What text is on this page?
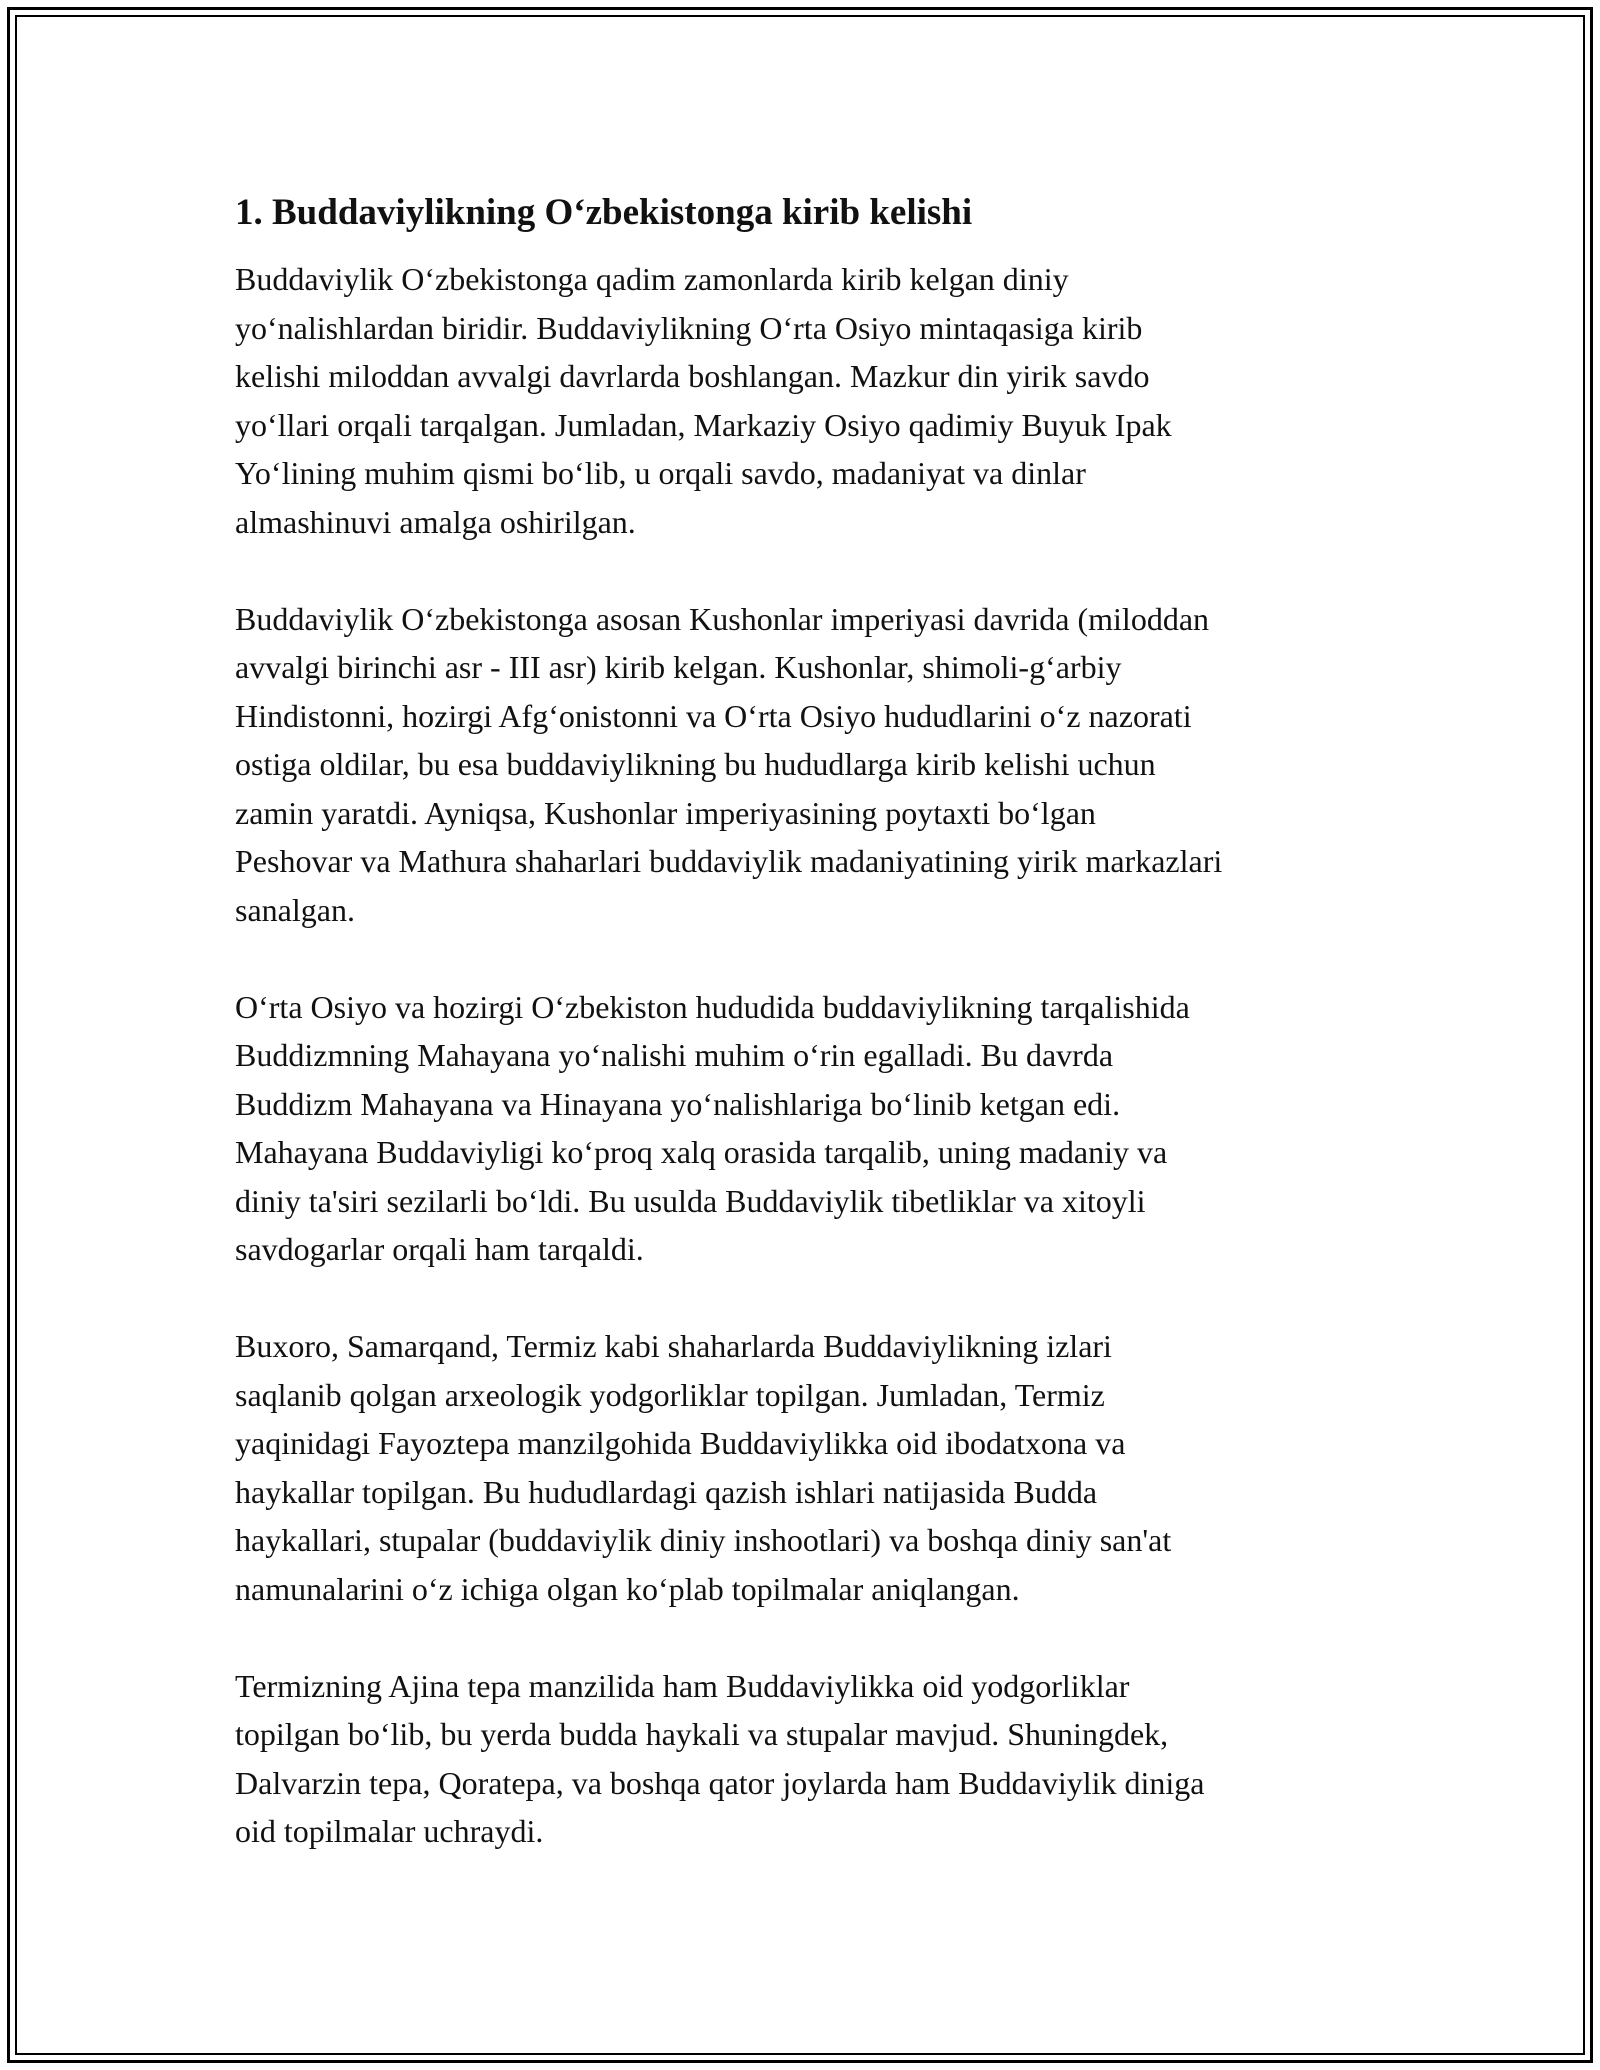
1. Buddaviylikning O‘zbekistonga kirib kelishi
Buddaviylik O‘zbekistonga qadim zamonlarda kirib kelgan diniy
yo‘nalishlardan biridir. Buddaviylikning O‘rta Osiyo mintaqasiga kirib
kelishi miloddan avvalgi davrlarda boshlangan. Mazkur din yirik savdo
yo‘llari orqali tarqalgan. Jumladan, Markaziy Osiyo qadimiy Buyuk Ipak
Yo‘lining muhim qismi bo‘lib, u orqali savdo, madaniyat va dinlar
almashinuvi amalga oshirilgan.
Buddaviylik O‘zbekistonga asosan Kushonlar imperiyasi davrida (miloddan
avvalgi birinchi asr - III asr) kirib kelgan. Kushonlar, shimoli-g‘arbiy
Hindistonni, hozirgi Afg‘onistonni va O‘rta Osiyo hududlarini o‘z nazorati
ostiga oldilar, bu esa buddaviylikning bu hududlarga kirib kelishi uchun
zamin yaratdi. Ayniqsa, Kushonlar imperiyasining poytaxti bo‘lgan
Peshovar va Mathura shaharlari buddaviylik madaniyatining yirik markazlari
sanalgan.
O‘rta Osiyo va hozirgi O‘zbekiston hududida buddaviylikning tarqalishida
Buddizmning Mahayana yo‘nalishi muhim o‘rin egalladi. Bu davrda
Buddizm Mahayana va Hinayana yo‘nalishlariga bo‘linib ketgan edi.
Mahayana Buddaviyligi ko‘proq xalq orasida tarqalib, uning madaniy va
diniy ta'siri sezilarli bo‘ldi. Bu usulda Buddaviylik tibetliklar va xitoyli
savdogarlar orqali ham tarqaldi.
Buxoro, Samarqand, Termiz kabi shaharlarda Buddaviylikning izlari
saqlanib qolgan arxeologik yodgorliklar topilgan. Jumladan, Termiz
yaqinidagi Fayoztepa manzilgohida Buddaviylikka oid ibodatxona va
haykallar topilgan. Bu hududlardagi qazish ishlari natijasida Budda
haykallari, stupalar (buddaviylik diniy inshootlari) va boshqa diniy san'at
namunalarini o‘z ichiga olgan ko‘plab topilmalar aniqlangan.
Termizning Ajina tepa manzilida ham Buddaviylikka oid yodgorliklar
topilgan bo‘lib, bu yerda budda haykali va stupalar mavjud. Shuningdek,
Dalvarzin tepa, Qoratepa, va boshqa qator joylarda ham Buddaviylik diniga
oid topilmalar uchraydi.
